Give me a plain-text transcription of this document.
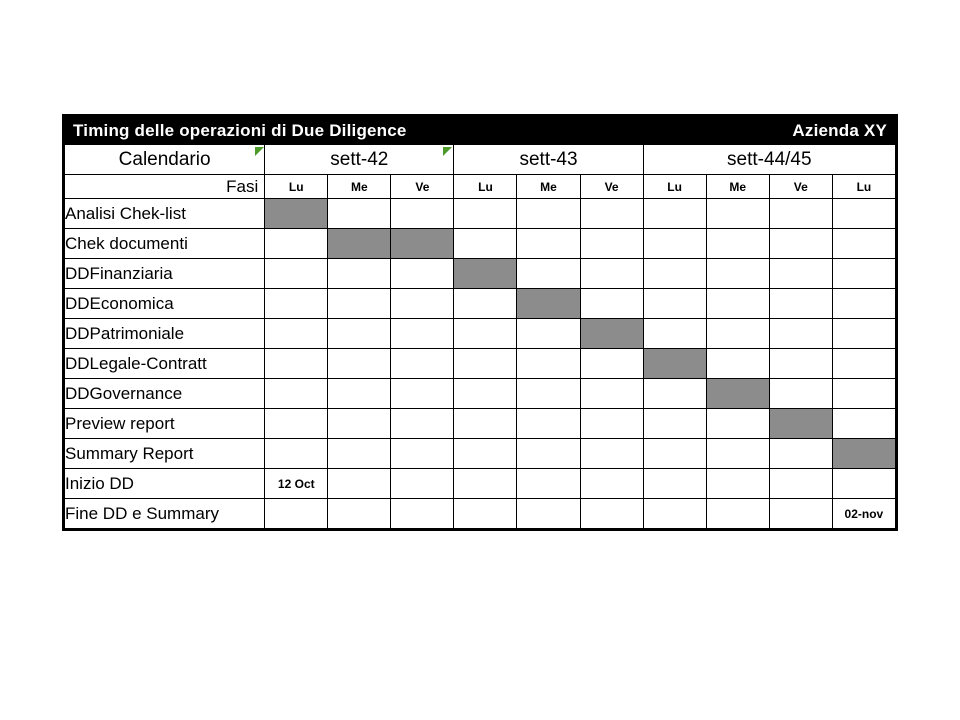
Timing delle operazioni di Due Diligence Azienda XY										

Calendario	sett-42			sett-43			sett-44/45			
Fasi	Lu	Me	Ve	Lu	Me	Ve	Lu	Me	Ve	Lu
Analisi Chek-list										
Chek documenti										
DDFinanziaria										
DDEconomica										
DDPatrimoniale										
DDLegale-Contratt										
DDGovernance										
Preview report										
Summary Report										
Inizio DD	12 Oct									
Fine DD e Summary										02-nov
